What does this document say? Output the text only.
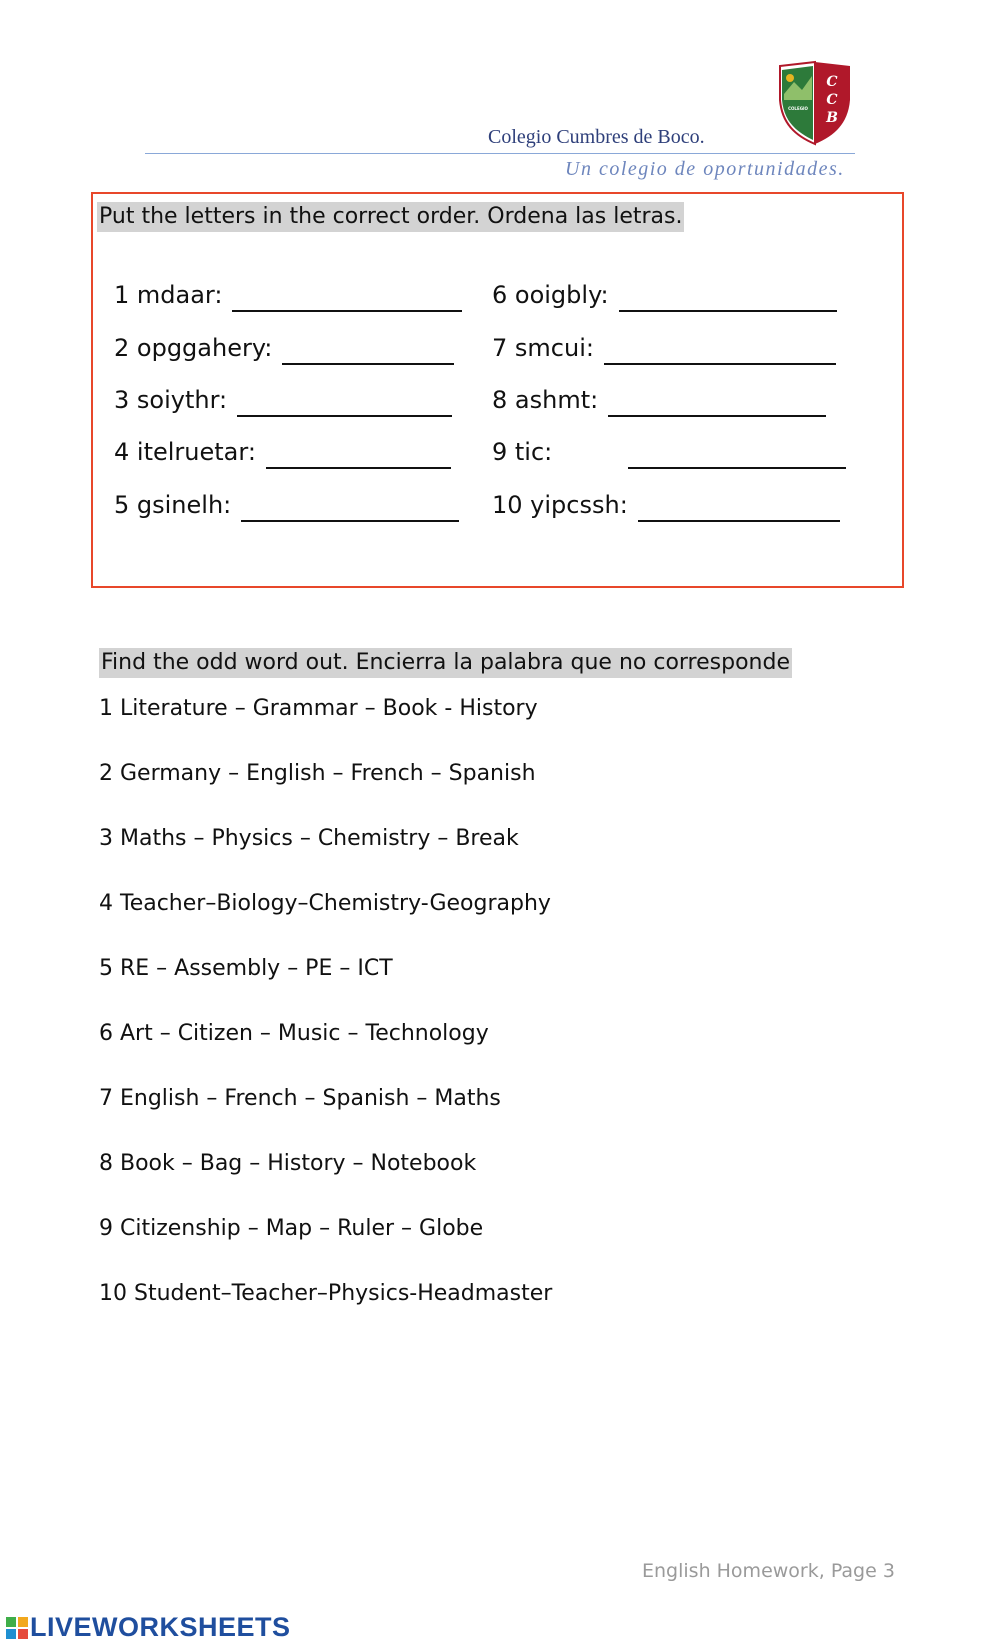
Colegio Cumbres de Boco.
Un colegio de oportunidades.
COLEGIO
C
C
B
Put the letters in the correct order. Ordena las letras.
1 mdaar:
2 opggahery:
3 soiythr:
4 itelruetar:
5 gsinelh:
6 ooigbly:
7 smcui:
8 ashmt:
9 tic:
10 yipcssh:
Find the odd word out. Encierra la palabra que no corresponde
1 Literature – Grammar – Book - History
2 Germany – English – French – Spanish
3 Maths – Physics – Chemistry – Break
4 Teacher–Biology–Chemistry-Geography
5 RE – Assembly – PE – ICT
6 Art – Citizen – Music – Technology
7 English – French – Spanish – Maths
8 Book – Bag – History – Notebook
9 Citizenship – Map – Ruler – Globe
10 Student–Teacher–Physics-Headmaster
English Homework, Page 3
LIVEWORKSHEETS
